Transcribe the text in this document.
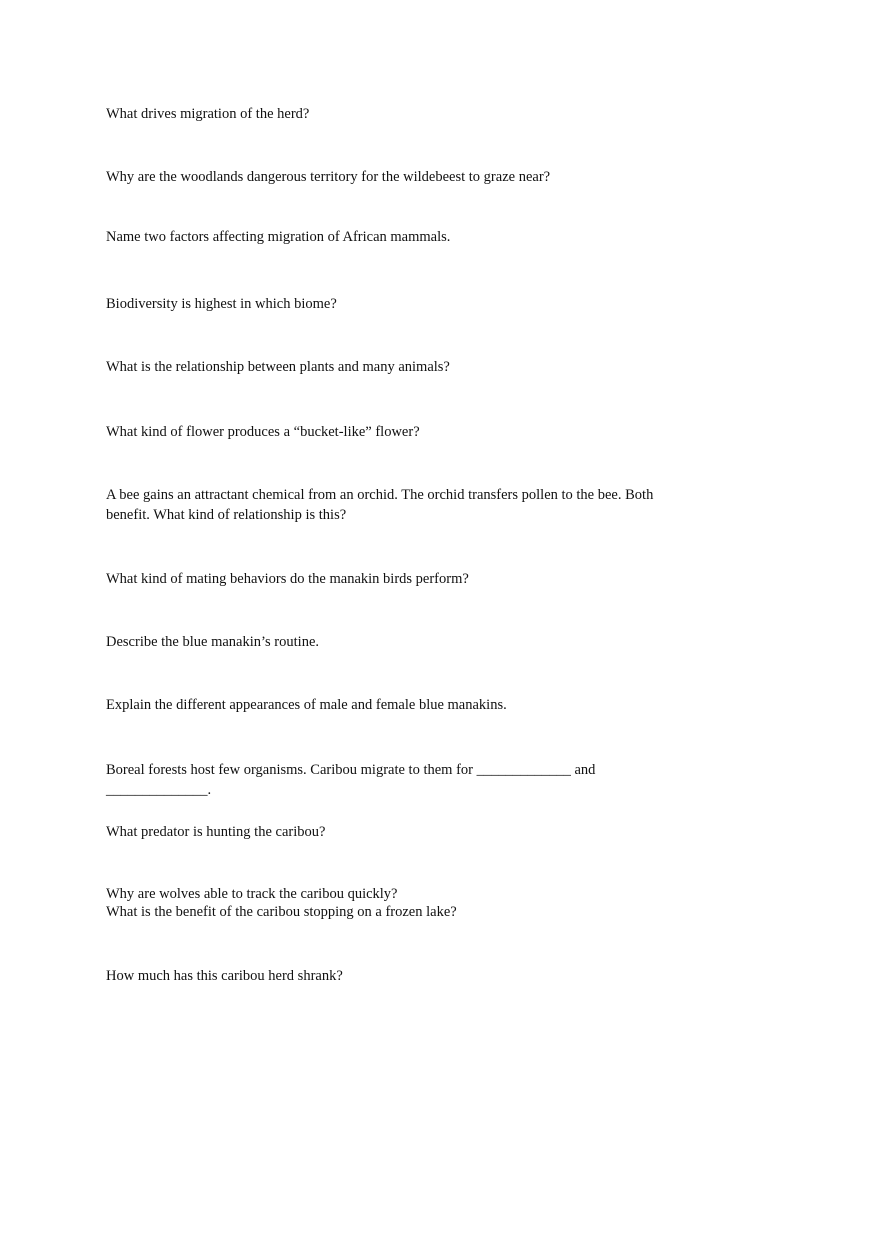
What drives migration of the herd?

Why are the woodlands dangerous territory for the wildebeest to graze near?

Name two factors affecting migration of African mammals.

Biodiversity is highest in which biome?

What is the relationship between plants and many animals?

What kind of flower produces a “bucket-like” flower?

A bee gains an attractant chemical from an orchid. The orchid transfers pollen to the bee. Both
benefit. What kind of relationship is this?

What kind of mating behaviors do the manakin birds perform?

Describe the blue manakin’s routine.

Explain the different appearances of male and female blue manakins.

Boreal forests host few organisms. Caribou migrate to them for _____________ and
______________.

What predator is hunting the caribou?

Why are wolves able to track the caribou quickly?
What is the benefit of the caribou stopping on a frozen lake?

How much has this caribou herd shrank?
